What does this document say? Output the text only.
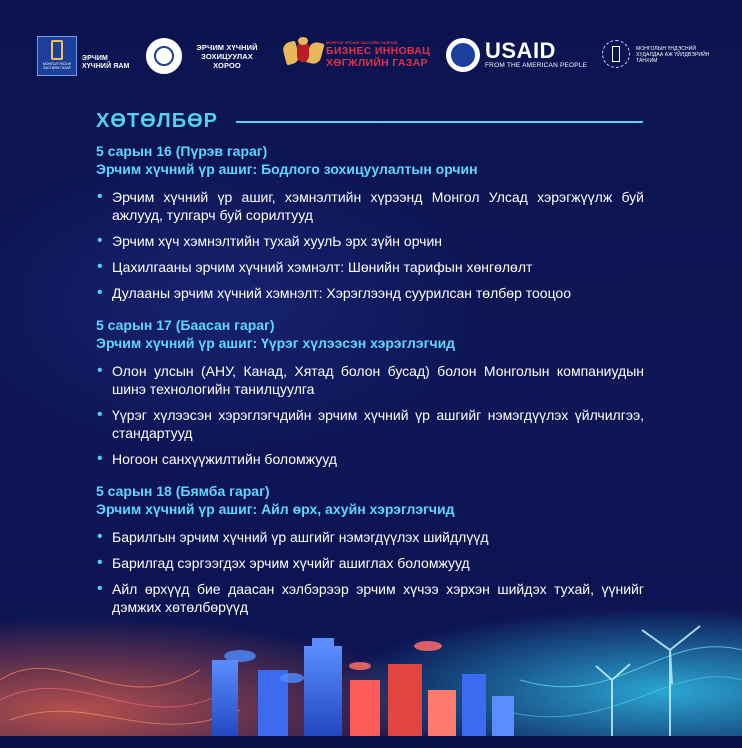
МОНГОЛ УЛСЫН ЗАСГИЙН ГАЗАР
ЭРЧИМ ХҮЧНИЙ ЯАМ
ЭРЧИМ ХҮЧНИЙ ЗОХИЦУУЛАХ ХОРОО
МОНГОЛ УЛСЫН ЗАСГИЙН ГАЗРЫН
БИЗНЕС ИННОВАЦ
ХӨГЖЛИЙН ГАЗАР	USAID
FROM THE AMERICAN PEOPLE
МОНГОЛЫН ҮНДЭСНИЙ ХУДАЛДАА АЖ ҮЙЛДВЭРИЙН ТАНХИМ
ХӨТӨЛБӨР
5 сарын 16 (Пүрэв гараг)
Эрчим хүчний үр ашиг: Бодлого зохицуулалтын орчин
• Эрчим хүчний үр ашиг, хэмнэлтийн хүрээнд Монгол Улсад хэрэгжүүлж буй ажлууд, тулгарч буй сорилтууд
• Эрчим хүч хэмнэлтийн тухай хуулЬ эрх зүйн орчин
• Цахилгааны эрчим хүчний хэмнэлт: Шөнийн тарифын хөнгөлөлт
• Дулааны эрчим хүчний хэмнэлт: Хэрэглээнд суурилсан төлбөр тооцоо
5 сарын 17 (Баасан гараг)
Эрчим хүчний үр ашиг: Үүрэг хүлээсэн хэрэглэгчид
• Олон улсын (АНУ, Канад, Хятад болон бусад) болон Монголын компаниудын шинэ технологийн танилцуулга
• Үүрэг хүлээсэн хэрэглэгчдийн эрчим хүчний үр ашгийг нэмэгдүүлэх үйлчилгээ, стандартууд
• Ногоон санхүүжилтийн боломжууд
5 сарын 18 (Бямба гараг)
Эрчим хүчний үр ашиг: Айл өрх, ахуйн хэрэглэгчид
• Барилгын эрчим хүчний үр ашгийг нэмэгдүүлэх шийдлүүд
•
•
